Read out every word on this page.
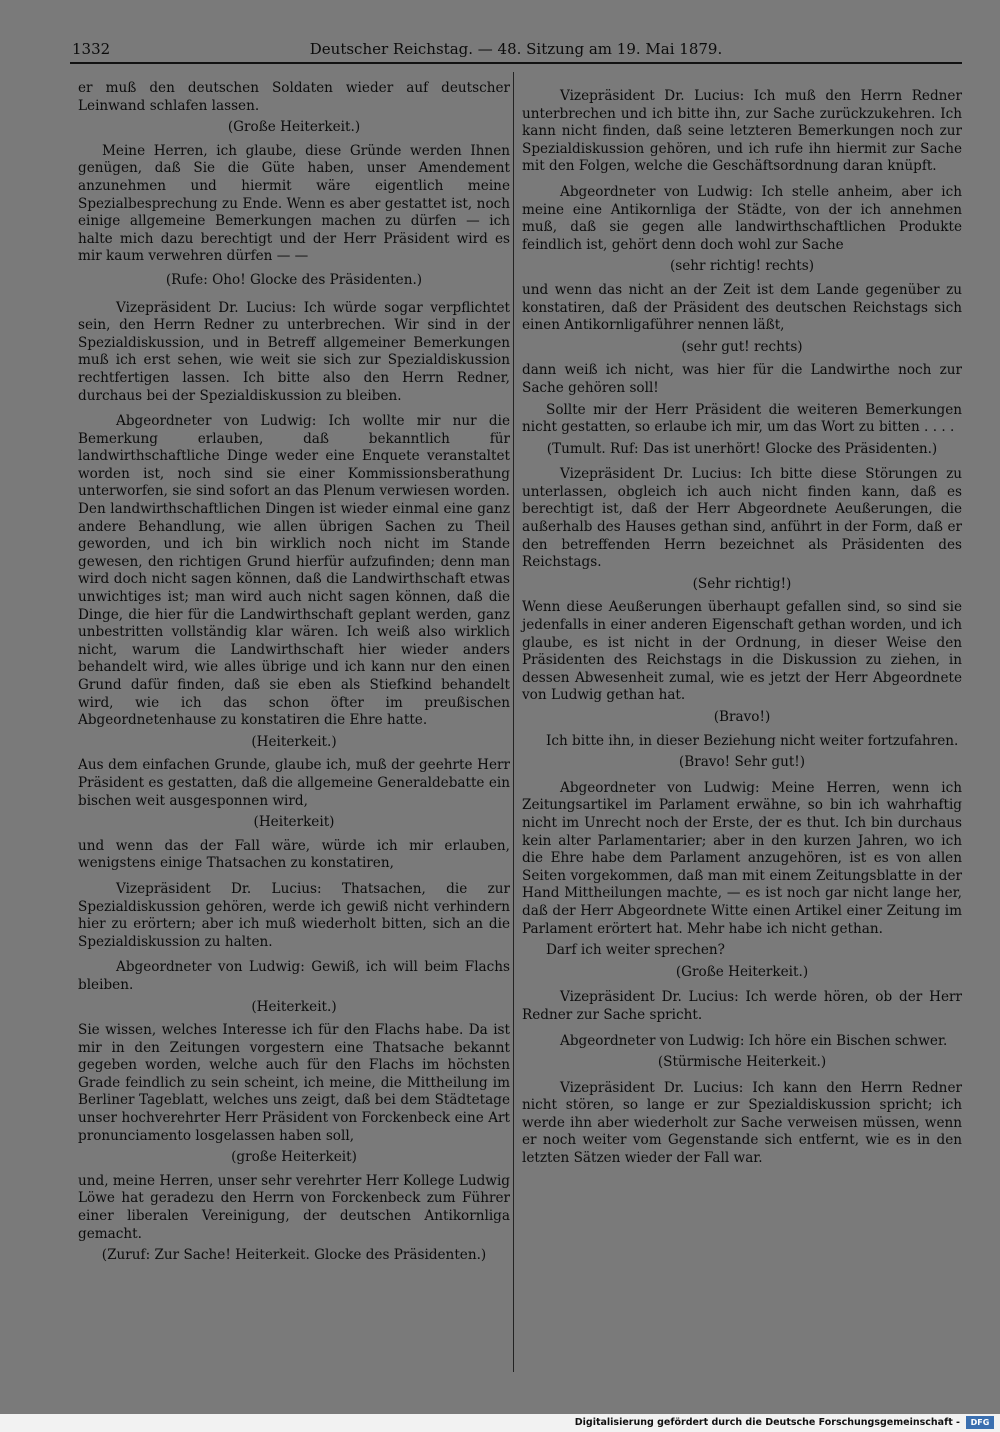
1332	Deutscher Reichstag. — 48. Sitzung am 19. Mai 1879.
er muß den deutschen Soldaten wieder auf deutscher Leinwand schlafen lassen.
(Große Heiterkeit.)
Meine Herren, ich glaube, diese Gründe werden Ihnen genügen, daß Sie die Güte haben, unser Amendement anzunehmen und hiermit wäre eigentlich meine Spezialbesprechung zu Ende. Wenn es aber gestattet ist, noch einige allgemeine Bemerkungen machen zu dürfen — ich halte mich dazu berechtigt und der Herr Präsident wird es mir kaum verwehren dürfen — —
(Rufe: Oho! Glocke des Präsidenten.)
Vizepräsident Dr. Lucius: Ich würde sogar verpflichtet sein, den Herrn Redner zu unterbrechen. Wir sind in der Spezialdiskussion, und in Betreff allgemeiner Bemerkungen muß ich erst sehen, wie weit sie sich zur Spezialdiskussion rechtfertigen lassen. Ich bitte also den Herrn Redner, durchaus bei der Spezialdiskussion zu bleiben.
Abgeordneter von Ludwig: Ich wollte mir nur die Bemerkung erlauben, daß bekanntlich für landwirthschaftliche Dinge weder eine Enquete veranstaltet worden ist, noch sind sie einer Kommissionsberathung unterworfen, sie sind sofort an das Plenum verwiesen worden. Den landwirthschaftlichen Dingen ist wieder einmal eine ganz andere Behandlung, wie allen übrigen Sachen zu Theil geworden, und ich bin wirklich noch nicht im Stande gewesen, den richtigen Grund hierfür aufzufinden; denn man wird doch nicht sagen können, daß die Landwirthschaft etwas unwichtiges ist; man wird auch nicht sagen können, daß die Dinge, die hier für die Landwirthschaft geplant werden, ganz unbestritten vollständig klar wären. Ich weiß also wirklich nicht, warum die Landwirthschaft hier wieder anders behandelt wird, wie alles übrige und ich kann nur den einen Grund dafür finden, daß sie eben als Stiefkind behandelt wird, wie ich das schon öfter im preußischen Abgeordnetenhause zu konstatiren die Ehre hatte.
(Heiterkeit.)
Aus dem einfachen Grunde, glaube ich, muß der geehrte Herr Präsident es gestatten, daß die allgemeine Generaldebatte ein bischen weit ausgesponnen wird,
(Heiterkeit)
und wenn das der Fall wäre, würde ich mir erlauben, wenigstens einige Thatsachen zu konstatiren,
Vizepräsident Dr. Lucius: Thatsachen, die zur Spezialdiskussion gehören, werde ich gewiß nicht verhindern hier zu erörtern; aber ich muß wiederholt bitten, sich an die Spezialdiskussion zu halten.
Abgeordneter von Ludwig: Gewiß, ich will beim Flachs bleiben.
(Heiterkeit.)
Sie wissen, welches Interesse ich für den Flachs habe. Da ist mir in den Zeitungen vorgestern eine Thatsache bekannt gegeben worden, welche auch für den Flachs im höchsten Grade feindlich zu sein scheint, ich meine, die Mittheilung im Berliner Tageblatt, welches uns zeigt, daß bei dem Städtetage unser hochverehrter Herr Präsident von Forckenbeck eine Art pronunciamento losgelassen haben soll,
(große Heiterkeit)
und, meine Herren, unser sehr verehrter Herr Kollege Ludwig Löwe hat geradezu den Herrn von Forckenbeck zum Führer einer liberalen Vereinigung, der deutschen Antikornliga gemacht.
(Zuruf: Zur Sache! Heiterkeit. Glocke des Präsidenten.)
Vizepräsident Dr. Lucius: Ich muß den Herrn Redner unterbrechen und ich bitte ihn, zur Sache zurückzukehren. Ich kann nicht finden, daß seine letzteren Bemerkungen noch zur Spezialdiskussion gehören, und ich rufe ihn hiermit zur Sache mit den Folgen, welche die Geschäftsordnung daran knüpft.
Abgeordneter von Ludwig: Ich stelle anheim, aber ich meine eine Antikornliga der Städte, von der ich annehmen muß, daß sie gegen alle landwirthschaftlichen Produkte feindlich ist, gehört denn doch wohl zur Sache
(sehr richtig! rechts)
und wenn das nicht an der Zeit ist dem Lande gegenüber zu konstatiren, daß der Präsident des deutschen Reichstags sich einen Antikornligaführer nennen läßt,
(sehr gut! rechts)
dann weiß ich nicht, was hier für die Landwirthe noch zur Sache gehören soll!
Sollte mir der Herr Präsident die weiteren Bemerkungen nicht gestatten, so erlaube ich mir, um das Wort zu bitten . . . .
(Tumult. Ruf: Das ist unerhört! Glocke des Präsidenten.)
Vizepräsident Dr. Lucius: Ich bitte diese Störungen zu unterlassen, obgleich ich auch nicht finden kann, daß es berechtigt ist, daß der Herr Abgeordnete Aeußerungen, die außerhalb des Hauses gethan sind, anführt in der Form, daß er den betreffenden Herrn bezeichnet als Präsidenten des Reichstags.
(Sehr richtig!)
Wenn diese Aeußerungen überhaupt gefallen sind, so sind sie jedenfalls in einer anderen Eigenschaft gethan worden, und ich glaube, es ist nicht in der Ordnung, in dieser Weise den Präsidenten des Reichstags in die Diskussion zu ziehen, in dessen Abwesenheit zumal, wie es jetzt der Herr Abgeordnete von Ludwig gethan hat.
(Bravo!)
Ich bitte ihn, in dieser Beziehung nicht weiter fortzufahren.
(Bravo! Sehr gut!)
Abgeordneter von Ludwig: Meine Herren, wenn ich Zeitungsartikel im Parlament erwähne, so bin ich wahrhaftig nicht im Unrecht noch der Erste, der es thut. Ich bin durchaus kein alter Parlamentarier; aber in den kurzen Jahren, wo ich die Ehre habe dem Parlament anzugehören, ist es von allen Seiten vorgekommen, daß man mit einem Zeitungsblatte in der Hand Mittheilungen machte, — es ist noch gar nicht lange her, daß der Herr Abgeordnete Witte einen Artikel einer Zeitung im Parlament erörtert hat. Mehr habe ich nicht gethan.
Darf ich weiter sprechen?
(Große Heiterkeit.)
Vizepräsident Dr. Lucius: Ich werde hören, ob der Herr Redner zur Sache spricht.
Abgeordneter von Ludwig: Ich höre ein Bischen schwer.
(Stürmische Heiterkeit.)
Vizepräsident Dr. Lucius: Ich kann den Herrn Redner nicht stören, so lange er zur Spezialdiskussion spricht; ich werde ihn aber wiederholt zur Sache verweisen müssen, wenn er noch weiter vom Gegenstande sich entfernt, wie es in den letzten Sätzen wieder der Fall war.
Digitalisierung gefördert durch die Deutsche Forschungsgemeinschaft -	DFG
